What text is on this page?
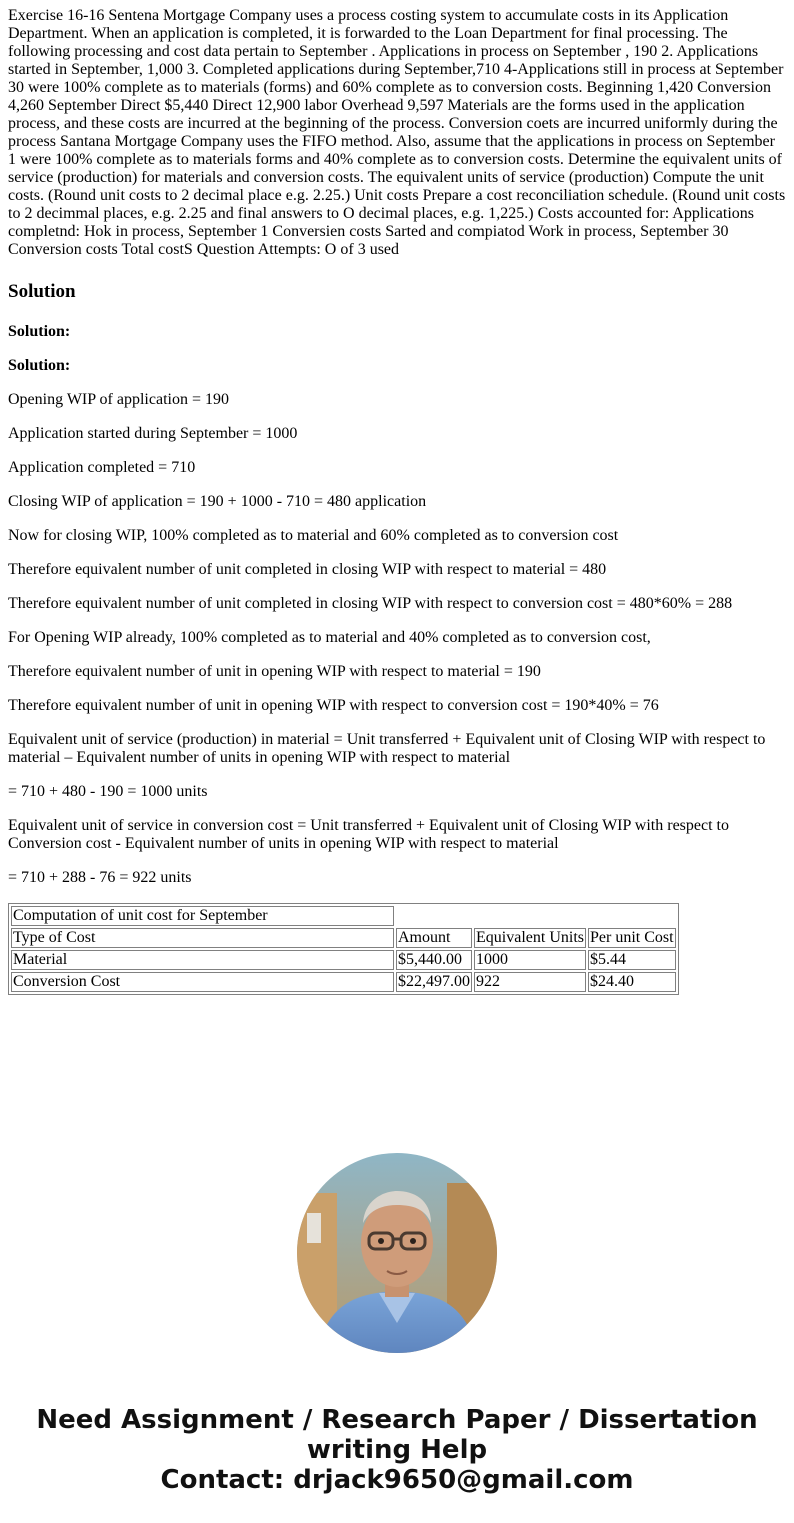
Exercise 16-16 Sentena Mortgage Company uses a process costing system to accumulate costs in its Application Department. When an application is completed, it is forwarded to the Loan Department for final processing. The following processing and cost data pertain to September . Applications in process on September , 190 2. Applications started in September, 1,000 3. Completed applications during September,710 4-Applications still in process at September 30 were 100% complete as to materials (forms) and 60% complete as to conversion costs. Beginning 1,420 Conversion 4,260 September Direct $5,440 Direct 12,900 labor Overhead 9,597 Materials are the forms used in the application process, and these costs are incurred at the beginning of the process. Conversion coets are incurred uniformly during the process Santana Mortgage Company uses the FIFO method. Also, assume that the applications in process on September 1 were 100% complete as to materials forms and 40% complete as to conversion costs. Determine the equivalent units of service (production) for materials and conversion costs. The equivalent units of service (production) Compute the unit costs. (Round unit costs to 2 decimal place e.g. 2.25.) Unit costs Prepare a cost reconciliation schedule. (Round unit costs to 2 decimmal places, e.g. 2.25 and final answers to O decimal places, e.g. 1,225.) Costs accounted for: Applications completnd: Hok in process, September 1 Conversien costs Sarted and compiatod Work in process, September 30 Conversion costs Total costS Question Attempts: O of 3 used

Solution

Solution:

Solution:

Opening WIP of application = 190

Application started during September = 1000

Application completed = 710

Closing WIP of application = 190 + 1000 - 710 = 480 application

Now for closing WIP, 100% completed as to material and 60% completed as to conversion cost

Therefore equivalent number of unit completed in closing WIP with respect to material = 480

Therefore equivalent number of unit completed in closing WIP with respect to conversion cost = 480*60% = 288

For Opening WIP already, 100% completed as to material and 40% completed as to conversion cost,

Therefore equivalent number of unit in opening WIP with respect to material = 190

Therefore equivalent number of unit in opening WIP with respect to conversion cost = 190*40% = 76

Equivalent unit of service (production) in material = Unit transferred + Equivalent unit of Closing WIP with respect to material – Equivalent number of units in opening WIP with respect to material

= 710 + 480 - 190 = 1000 units

Equivalent unit of service in conversion cost = Unit transferred + Equivalent unit of Closing WIP with respect to Conversion cost - Equivalent number of units in opening WIP with respect to material

= 710 + 288 - 76 = 922 units

Computation of unit cost for September			
Type of Cost	Amount	Equivalent Units	Per unit Cost
Material	$5,440.00	1000	$5.44
Conversion Cost	$22,497.00	922	$24.40
Need Assignment / Research Paper / Dissertation
writing Help
Contact: drjack9650@gmail.com
